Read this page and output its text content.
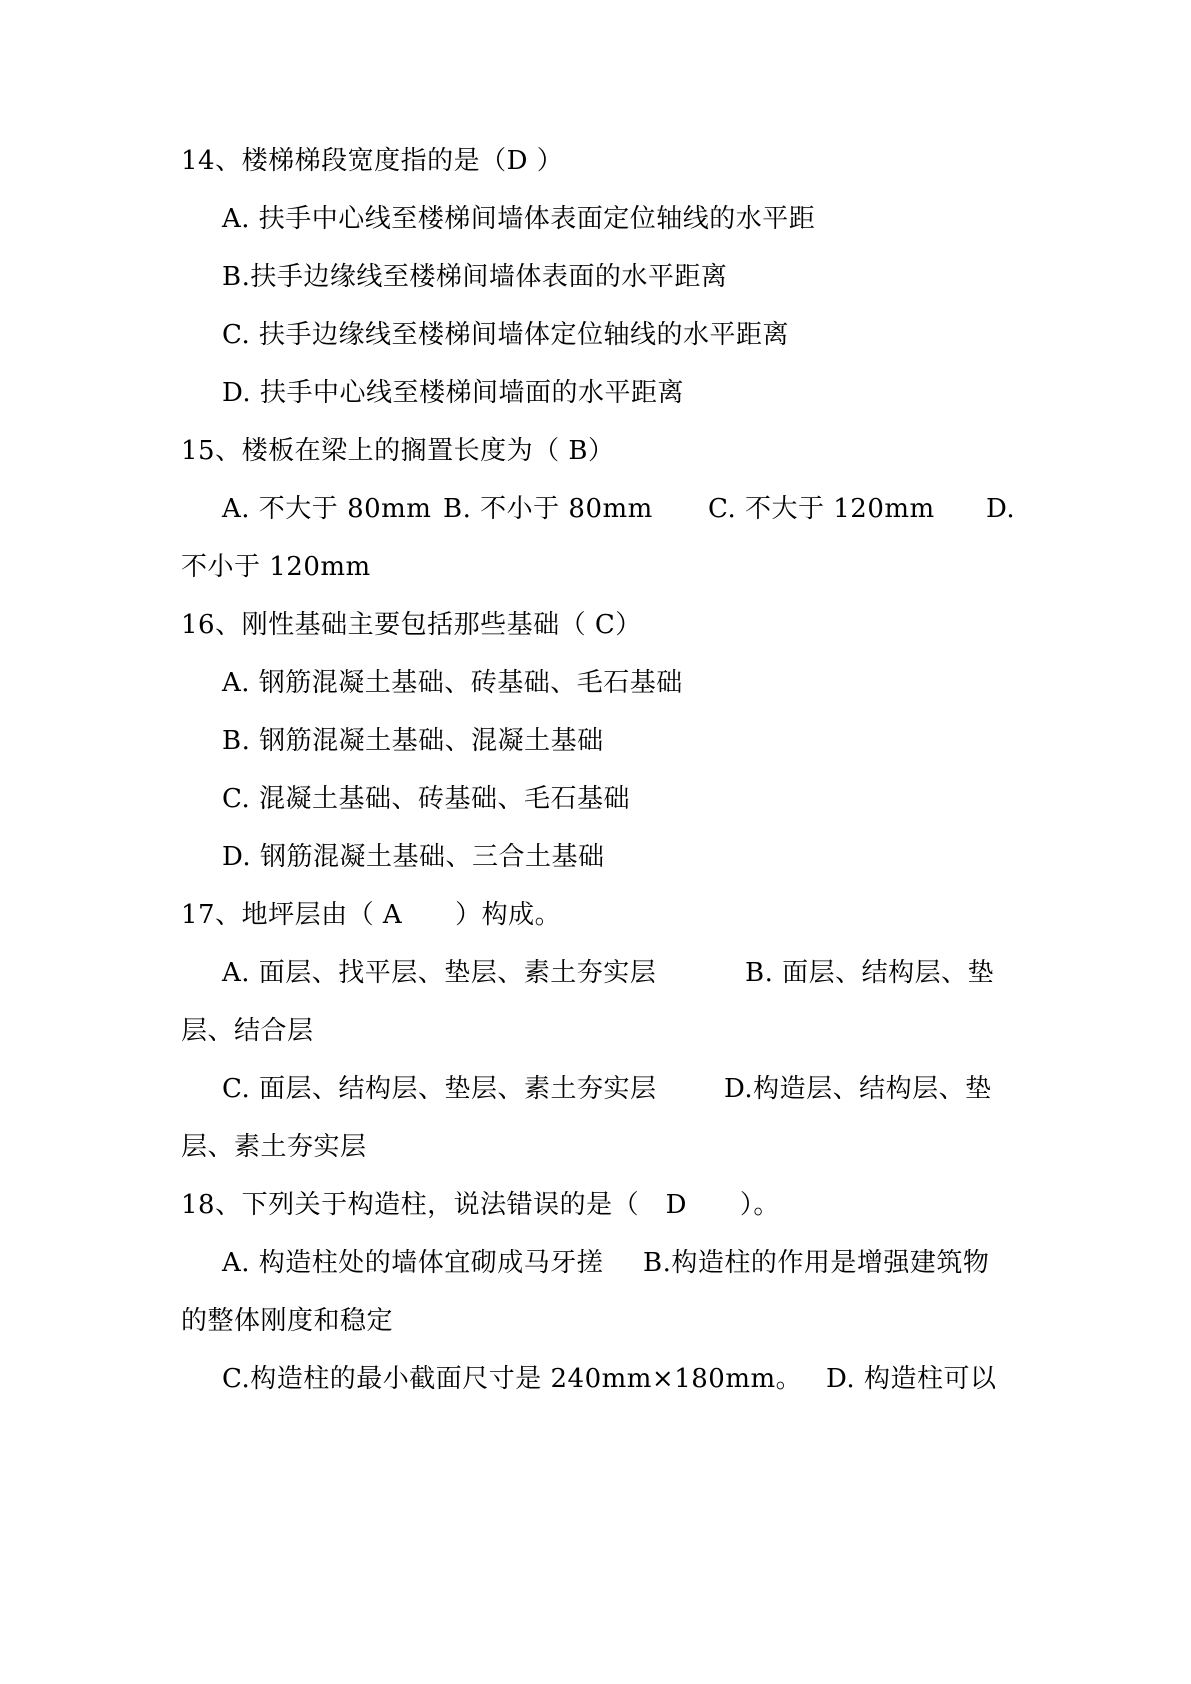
14、楼梯梯段宽度指的是（D ）
A. 扶手中心线至楼梯间墙体表面定位轴线的水平距
B.扶手边缘线至楼梯间墙体表面的水平距离
C. 扶手边缘线至楼梯间墙体定位轴线的水平距离
D. 扶手中心线至楼梯间墙面的水平距离
15、楼板在梁上的搁置长度为（ B）
A. 不大于 80mm B. 不小于 80mm C. 不大于 120mm D.
不小于 120mm
16、刚性基础主要包括那些基础（ C）
A. 钢筋混凝土基础、砖基础、毛石基础
B. 钢筋混凝土基础、混凝土基础
C. 混凝土基础、砖基础、毛石基础
D. 钢筋混凝土基础、三合土基础
17、地坪层由（ A　　）构成。
A. 面层、找平层、垫层、素土夯实层	B. 面层、结构层、垫
层、结合层
C. 面层、结构层、垫层、素土夯实层	D.构造层、结构层、垫
层、素土夯实层
18、下列关于构造柱，说法错误的是（　D　　）。
A. 构造柱处的墙体宜砌成马牙搓 B.构造柱的作用是增强建筑物
的整体刚度和稳定
C.构造柱的最小截面尺寸是 240mm×180mm。 D. 构造柱可以
